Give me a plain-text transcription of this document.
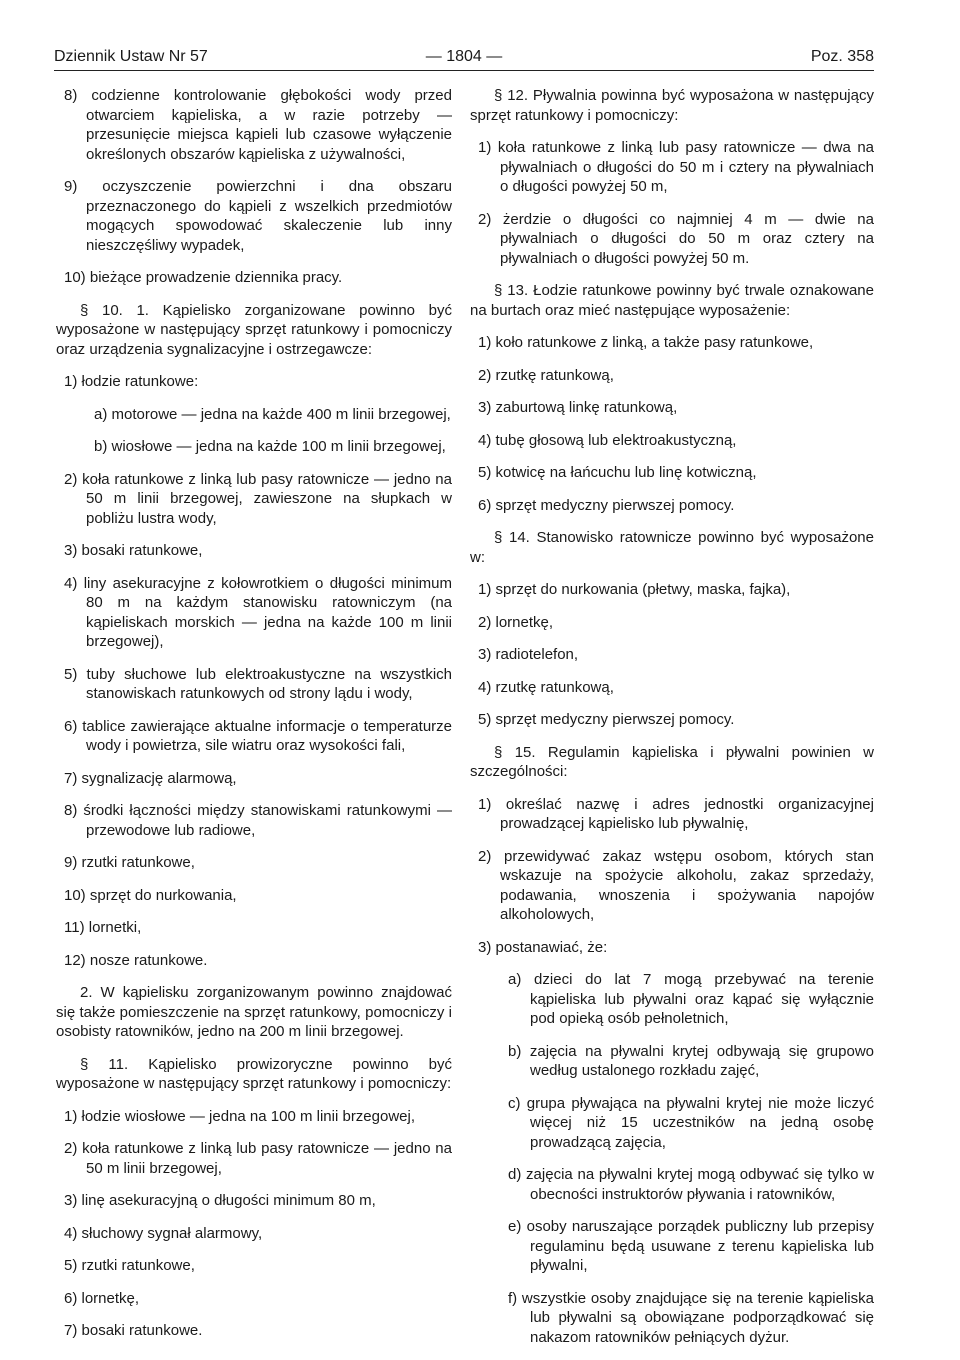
Dziennik Ustaw Nr 57	— 1804 —	Poz. 358

8) codzienne kontrolowanie głębokości wody przed otwarciem kąpieliska, a w razie potrzeby — przesunięcie miejsca kąpieli lub czasowe wyłączenie określonych obszarów kąpieliska z używalności,

9) oczyszczenie powierzchni i dna obszaru przeznaczonego do kąpieli z wszelkich przedmiotów mogących spowodować skaleczenie lub inny nieszczęśliwy wypadek,

10) bieżące prowadzenie dziennika pracy.

§ 10. 1. Kąpielisko zorganizowane powinno być wyposażone w następujący sprzęt ratunkowy i pomocniczy oraz urządzenia sygnalizacyjne i ostrzegawcze:

1) łodzie ratunkowe:

a) motorowe — jedna na każde 400 m linii brzegowej,

b) wiosłowe — jedna na każde 100 m linii brzegowej,

2) koła ratunkowe z linką lub pasy ratownicze — jedno na 50 m linii brzegowej, zawieszone na słupkach w pobliżu lustra wody,

3) bosaki ratunkowe,

4) liny asekuracyjne z kołowrotkiem o długości minimum 80 m na każdym stanowisku ratowniczym (na kąpieliskach morskich — jedna na każde 100 m linii brzegowej),

5) tuby słuchowe lub elektroakustyczne na wszystkich stanowiskach ratunkowych od strony lądu i wody,

6) tablice zawierające aktualne informacje o temperaturze wody i powietrza, sile wiatru oraz wysokości fali,

7) sygnalizację alarmową,

8) środki łączności między stanowiskami ratunkowymi — przewodowe lub radiowe,

9) rzutki ratunkowe,

10) sprzęt do nurkowania,

11) lornetki,

12) nosze ratunkowe.

2. W kąpielisku zorganizowanym powinno znajdować się także pomieszczenie na sprzęt ratunkowy, pomocniczy i osobisty ratowników, jedno na 200 m linii brzegowej.

§ 11. Kąpielisko prowizoryczne powinno być wyposażone w następujący sprzęt ratunkowy i pomocniczy:

1) łodzie wiosłowe — jedna na 100 m linii brzegowej,

2) koła ratunkowe z linką lub pasy ratownicze — jedno na 50 m linii brzegowej,

3) linę asekuracyjną o długości minimum 80 m,

4) słuchowy sygnał alarmowy,

5) rzutki ratunkowe,

6) lornetkę,

7) bosaki ratunkowe.

§ 12. Pływalnia powinna być wyposażona w następujący sprzęt ratunkowy i pomocniczy:

1) koła ratunkowe z linką lub pasy ratownicze — dwa na pływalniach o długości do 50 m i cztery na pływalniach o długości powyżej 50 m,

2) żerdzie o długości co najmniej 4 m — dwie na pływalniach o długości do 50 m oraz cztery na pływalniach o długości powyżej 50 m.

§ 13. Łodzie ratunkowe powinny być trwale oznakowane na burtach oraz mieć następujące wyposażenie:

1) koło ratunkowe z linką, a także pasy ratunkowe,

2) rzutkę ratunkową,

3) zaburtową linkę ratunkową,

4) tubę głosową lub elektroakustyczną,

5) kotwicę na łańcuchu lub linę kotwiczną,

6) sprzęt medyczny pierwszej pomocy.

§ 14. Stanowisko ratownicze powinno być wyposażone w:

1) sprzęt do nurkowania (płetwy, maska, fajka),

2) lornetkę,

3) radiotelefon,

4) rzutkę ratunkową,

5) sprzęt medyczny pierwszej pomocy.

§ 15. Regulamin kąpieliska i pływalni powinien w szczególności:

1) określać nazwę i adres jednostki organizacyjnej prowadzącej kąpielisko lub pływalnię,

2) przewidywać zakaz wstępu osobom, których stan wskazuje na spożycie alkoholu, zakaz sprzedaży, podawania, wnoszenia i spożywania napojów alkoholowych,

3) postanawiać, że:

a) dzieci do lat 7 mogą przebywać na terenie kąpieliska lub pływalni oraz kąpać się wyłącznie pod opieką osób pełnoletnich,

b) zajęcia na pływalni krytej odbywają się grupowo według ustalonego rozkładu zajęć,

c) grupa pływająca na pływalni krytej nie może liczyć więcej niż 15 uczestników na jedną osobę prowadzącą zajęcia,

d) zajęcia na pływalni krytej mogą odbywać się tylko w obecności instruktorów pływania i ratowników,

e) osoby naruszające porządek publiczny lub przepisy regulaminu będą usuwane z terenu kąpieliska lub pływalni,

f) wszystkie osoby znajdujące się na terenie kąpieliska lub pływalni są obowiązane podporządkować się nakazom ratowników pełniących dyżur.
